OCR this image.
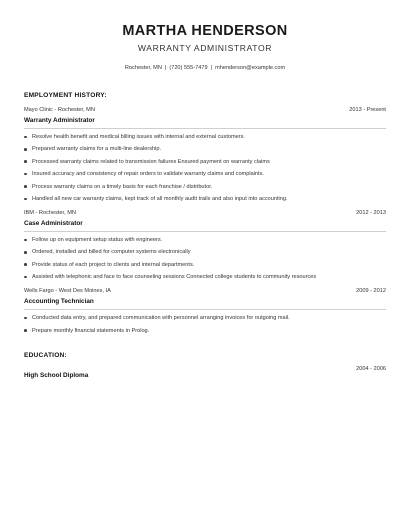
MARTHA HENDERSON
WARRANTY ADMINISTRATOR
Rochester, MN | (720) 555-7479 | mhenderson@example.com
EMPLOYMENT HISTORY:
Mayo Clinic - Rochester, MN	2013 - Present
Warranty Administrator
Resolve health benefit and medical billing issues with internal and external customers.
Prepared warranty claims for a multi-line dealership.
Processed warranty claims related to transmission failures Ensured payment on warranty claims
Insured accuracy and consistency of repair orders to validate warranty claims and complaints.
Process warranty claims on a timely basis for each franchise / distributor.
Handled all new car warranty claims, kept track of all monthly audit trails and also input into accounting.
IBM - Rochester, MN	2012 - 2013
Case Administrator
Follow up on equipment setup status with engineers.
Ordered, installed and billed for computer systems electronically
Provide status of each project to clients and internal departments.
Assisted with telephonic and face to face counseling sessions Connected college students to community resources
Wells Fargo - West Des Moines, IA	2009 - 2012
Accounting Technician
Conducted data entry, and prepared communication with personnel arranging invoices for outgoing mail.
Prepare monthly financial statements in Prolog.
EDUCATION:
High School Diploma
2004 - 2006
